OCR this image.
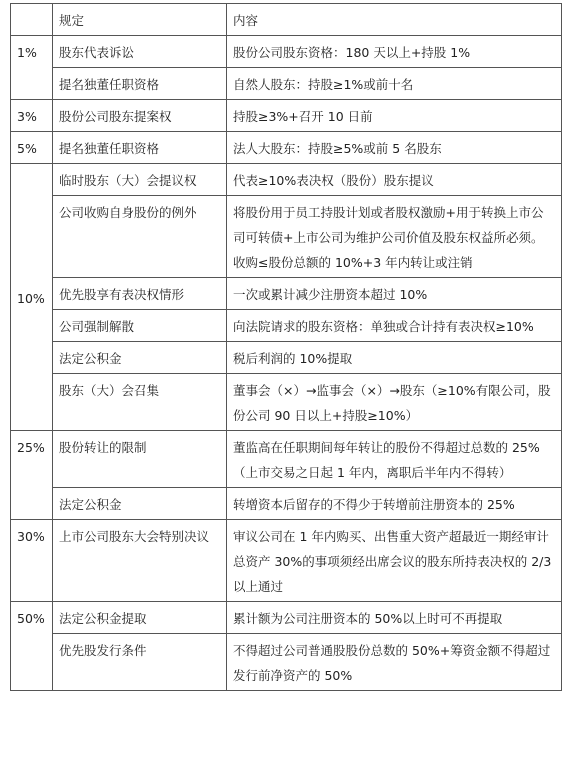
	规定	内容
1%	股东代表诉讼	股份公司股东资格：180 天以上+持股 1%
	提名独董任职资格	自然人股东：持股≥1%或前十名
3%	股份公司股东提案权	持股≥3%+召开 10 日前
5%	提名独董任职资格	法人大股东：持股≥5%或前 5 名股东
10%	临时股东（大）会提议权	代表≥10%表决权（股份）股东提议
	公司收购自身股份的例外	将股份用于员工持股计划或者股权激励+用于转换上市公司可转债+上市公司为维护公司价值及股东权益所必须。收购≤股份总额的 10%+3 年内转让或注销
	优先股享有表决权情形	一次或累计减少注册资本超过 10%
	公司强制解散	向法院请求的股东资格：单独或合计持有表决权≥10%
	法定公积金	税后利润的 10%提取
	股东（大）会召集	董事会（×）→监事会（×）→股东（≥10%有限公司，股份公司 90 日以上+持股≥10%）
25%	股份转让的限制	董监高在任职期间每年转让的股份不得超过总数的 25%（上市交易之日起 1 年内，离职后半年内不得转）
	法定公积金	转增资本后留存的不得少于转增前注册资本的 25%
30%	上市公司股东大会特别决议	审议公司在 1 年内购买、出售重大资产超最近一期经审计总资产 30%的事项须经出席会议的股东所持表决权的 2/3 以上通过
50%	法定公积金提取	累计额为公司注册资本的 50%以上时可不再提取
	优先股发行条件	不得超过公司普通股股份总数的 50%+筹资金额不得超过发行前净资产的 50%
